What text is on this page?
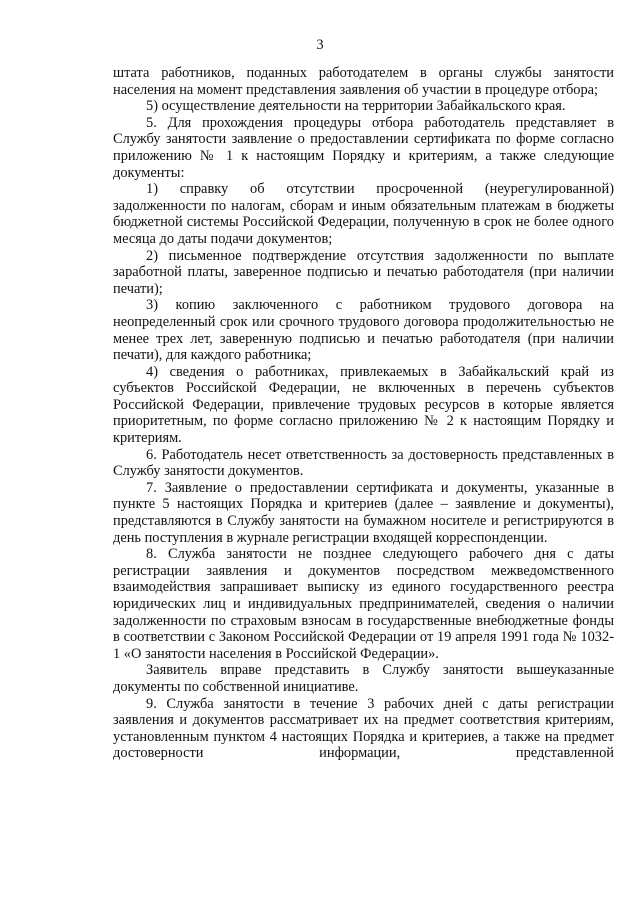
3

штата работников, поданных работодателем в органы службы занятости населения на момент представления заявления об участии в процедуре отбора;

5) осуществление деятельности на территории Забайкальского края.

5. Для прохождения процедуры отбора работодатель представляет в Службу занятости заявление о предоставлении сертификата по форме согласно приложению № 1 к настоящим Порядку и критериям, а также следующие документы:

1) справку об отсутствии просроченной (неурегулированной) задолженности по налогам, сборам и иным обязательным платежам в бюджеты бюджетной системы Российской Федерации, полученную в срок не более одного месяца до даты подачи документов;

2) письменное подтверждение отсутствия задолженности по выплате заработной платы, заверенное подписью и печатью работодателя (при наличии печати);

3) копию заключенного с работником трудового договора на неопределенный срок или срочного трудового договора продолжительностью не менее трех лет, заверенную подписью и печатью работодателя (при наличии печати), для каждого работника;

4) сведения о работниках, привлекаемых в Забайкальский край из субъектов Российской Федерации, не включенных в перечень субъектов Российской Федерации, привлечение трудовых ресурсов в которые является приоритетным, по форме согласно приложению № 2 к настоящим Порядку и критериям.

6. Работодатель несет ответственность за достоверность представленных в Службу занятости документов.

7. Заявление о предоставлении сертификата и документы, указанные в пункте 5 настоящих Порядка и критериев (далее – заявление и документы), представляются в Службу занятости на бумажном носителе и регистрируются в день поступления в журнале регистрации входящей корреспонденции.

8. Служба занятости не позднее следующего рабочего дня с даты регистрации заявления и документов посредством межведомственного взаимодействия запрашивает выписку из единого государственного реестра юридических лиц и индивидуальных предпринимателей, сведения о наличии задолженности по страховым взносам в государственные внебюджетные фонды в соответствии с Законом Российской Федерации от 19 апреля 1991 года № 1032-1 «О занятости населения в Российской Федерации».

Заявитель вправе представить в Службу занятости вышеуказанные документы по собственной инициативе.

9. Служба занятости в течение 3 рабочих дней с даты регистрации заявления и документов рассматривает их на предмет соответствия критериям, установленным пунктом 4 настоящих Порядка и критериев, а также на предмет достоверности информации, представленной
